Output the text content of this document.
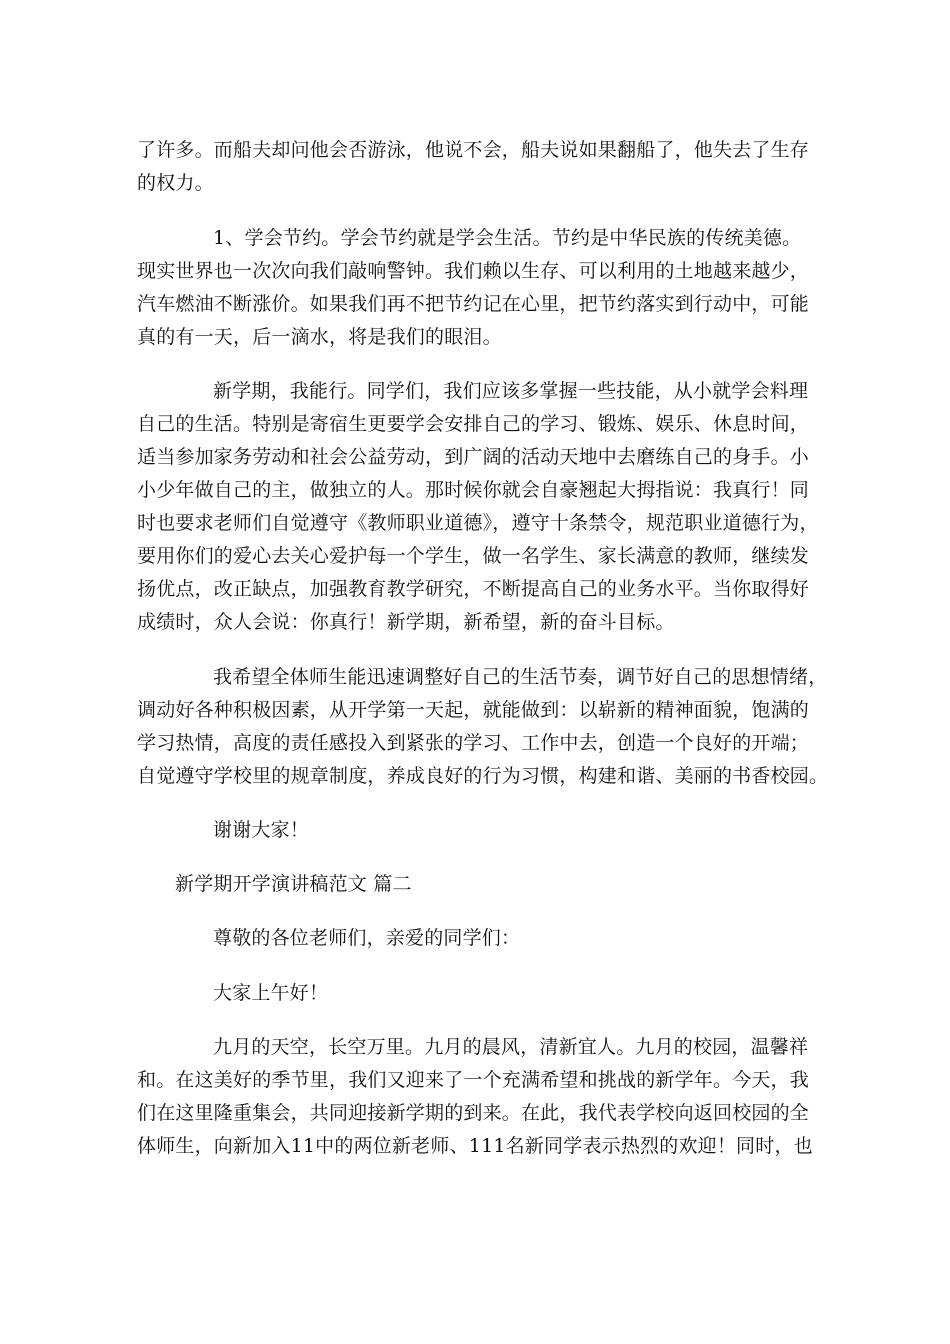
了许多。而船夫却问他会否游泳，他说不会，船夫说如果翻船了，他失去了生存
的权力。
1、学会节约。学会节约就是学会生活。节约是中华民族的传统美德。
现实世界也一次次向我们敲响警钟。我们赖以生存、可以利用的土地越来越少，
汽车燃油不断涨价。如果我们再不把节约记在心里，把节约落实到行动中，可能
真的有一天，后一滴水，将是我们的眼泪。
新学期，我能行。同学们，我们应该多掌握一些技能，从小就学会料理
自己的生活。特别是寄宿生更要学会安排自己的学习、锻炼、娱乐、休息时间，
适当参加家务劳动和社会公益劳动，到广阔的活动天地中去磨练自己的身手。小
小少年做自己的主，做独立的人。那时候你就会自豪翘起大拇指说：我真行！同
时也要求老师们自觉遵守《教师职业道德》，遵守十条禁令，规范职业道德行为，
要用你们的爱心去关心爱护每一个学生，做一名学生、家长满意的教师，继续发
扬优点，改正缺点，加强教育教学研究，不断提高自己的业务水平。当你取得好
成绩时，众人会说：你真行！新学期，新希望，新的奋斗目标。
我希望全体师生能迅速调整好自己的生活节奏，调节好自己的思想情绪，
调动好各种积极因素，从开学第一天起，就能做到：以崭新的精神面貌，饱满的
学习热情，高度的责任感投入到紧张的学习、工作中去，创造一个良好的开端；
自觉遵守学校里的规章制度，养成良好的行为习惯，构建和谐、美丽的书香校园。
谢谢大家！
新学期开学演讲稿范文 篇二
尊敬的各位老师们，亲爱的同学们：
大家上午好！
九月的天空，长空万里。九月的晨风，清新宜人。九月的校园，温馨祥
和。在这美好的季节里，我们又迎来了一个充满希望和挑战的新学年。今天，我
们在这里隆重集会，共同迎接新学期的到来。在此，我代表学校向返回校园的全
体师生，向新加入11中的两位新老师、111名新同学表示热烈的欢迎！同时，也
